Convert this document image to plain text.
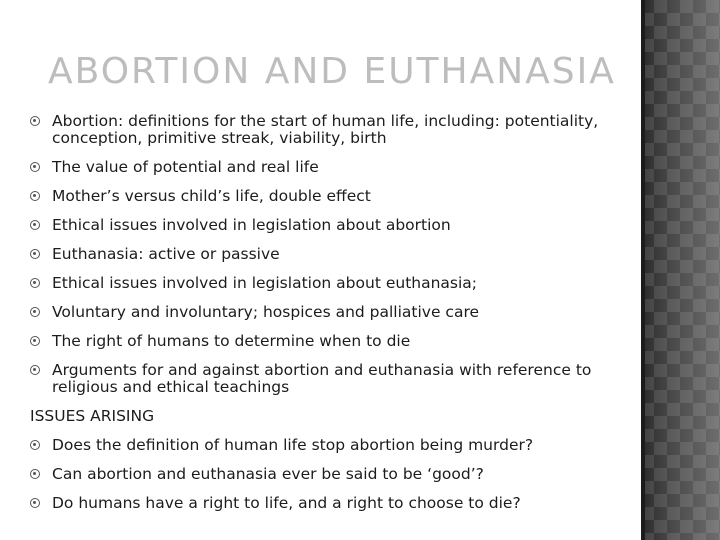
ABORTION AND EUTHANASIA
Abortion: definitions for the start of human life, including: potentiality, conception, primitive streak, viability, birth
The value of potential and real life
Mother’s versus child’s life, double effect
Ethical issues involved in legislation about abortion
Euthanasia: active or passive
Ethical issues involved in legislation about euthanasia;
Voluntary and involuntary; hospices and palliative care
The right of humans to determine when to die
Arguments for and against abortion and euthanasia with reference to religious and ethical teachings
ISSUES ARISING
Does the definition of human life stop abortion being murder?
Can abortion and euthanasia ever be said to be ‘good’?
Do humans have a right to life, and a right to choose to die?
